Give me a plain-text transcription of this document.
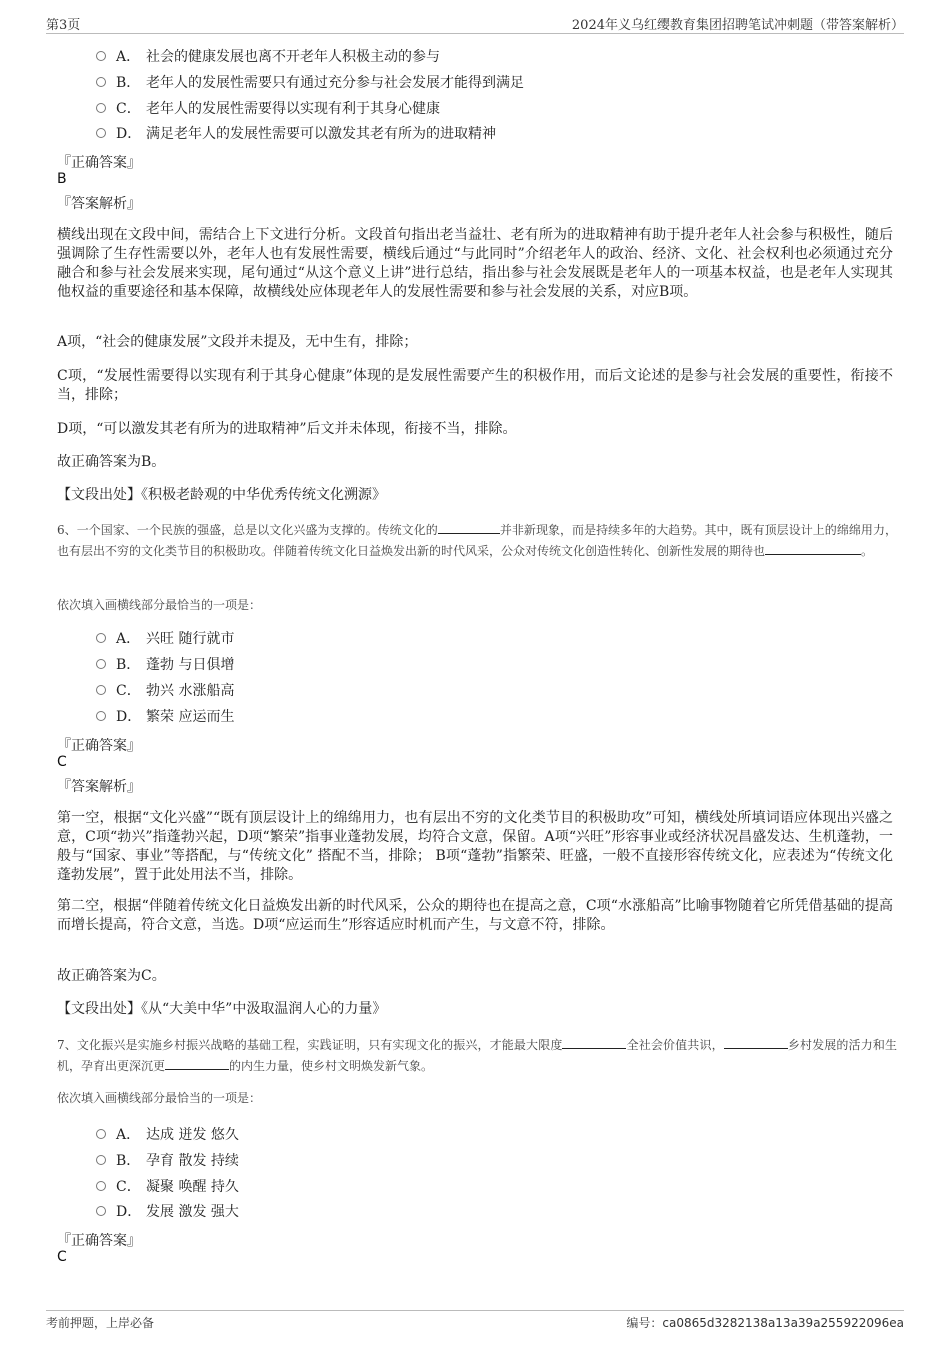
第3页	2024年义乌红缨教育集团招聘笔试冲刺题（带答案解析）
A． 社会的健康发展也离不开老年人积极主动的参与
B． 老年人的发展性需要只有通过充分参与社会发展才能得到满足
C． 老年人的发展性需要得以实现有利于其身心健康
D． 满足老年人的发展性需要可以激发其老有所为的进取精神
『正确答案』
B
『答案解析』
横线出现在文段中间，需结合上下文进行分析。文段首句指出老当益壮、老有所为的进取精神有助于提升老年人社会参与积极性，随后强调除了生存性需要以外，老年人也有发展性需要，横线后通过“与此同时”介绍老年人的政治、经济、文化、社会权利也必须通过充分融合和参与社会发展来实现，尾句通过“从这个意义上讲”进行总结，指出参与社会发展既是老年人的一项基本权益，也是老年人实现其他权益的重要途径和基本保障，故横线处应体现老年人的发展性需要和参与社会发展的关系，对应B项。
A项，“社会的健康发展”文段并未提及，无中生有，排除；
C项，“发展性需要得以实现有利于其身心健康”体现的是发展性需要产生的积极作用，而后文论述的是参与社会发展的重要性，衔接不当，排除；
D项，“可以激发其老有所为的进取精神”后文并未体现，衔接不当，排除。
故正确答案为B。
【文段出处】《积极老龄观的中华优秀传统文化溯源》
6、一个国家、一个民族的强盛，总是以文化兴盛为支撑的。传统文化的	并非新现象，而是持续多年的大趋势。其中，既有顶层设计上的绵绵用力，也有层出不穷的文化类节目的积极助攻。伴随着传统文化日益焕发出新的时代风采，公众对传统文化创造性转化、创新性发展的期待也	。
依次填入画横线部分最恰当的一项是：
A． 兴旺 随行就市
B． 蓬勃 与日俱增
C． 勃兴 水涨船高
D． 繁荣 应运而生
『正确答案』
C
『答案解析』
第一空，根据“文化兴盛”“既有顶层设计上的绵绵用力，也有层出不穷的文化类节目的积极助攻”可知，横线处所填词语应体现出兴盛之意，C项“勃兴”指蓬勃兴起，D项“繁荣”指事业蓬勃发展，均符合文意，保留。A项“兴旺”形容事业或经济状况昌盛发达、生机蓬勃，一般与“国家、事业”等搭配，与“传统文化” 搭配不当，排除； B项“蓬勃”指繁荣、旺盛，一般不直接形容传统文化，应表述为“传统文化蓬勃发展”，置于此处用法不当，排除。
第二空，根据“伴随着传统文化日益焕发出新的时代风采，公众的期待也在提高之意，C项“水涨船高”比喻事物随着它所凭借基础的提高而增长提高，符合文意，当选。D项“应运而生”形容适应时机而产生，与文意不符，排除。
故正确答案为C。
【文段出处】《从“大美中华”中汲取温润人心的力量》
7、文化振兴是实施乡村振兴战略的基础工程，实践证明，只有实现文化的振兴，才能最大限度	全社会价值共识，	乡村发展的活力和生机，孕育出更深沉更	的内生力量，使乡村文明焕发新气象。
依次填入画横线部分最恰当的一项是：
A． 达成 迸发 悠久
B． 孕育 散发 持续
C． 凝聚 唤醒 持久
D． 发展 激发 强大
『正确答案』
C
考前押题，上岸必备	编号：ca0865d3282138a13a39a255922096ea
